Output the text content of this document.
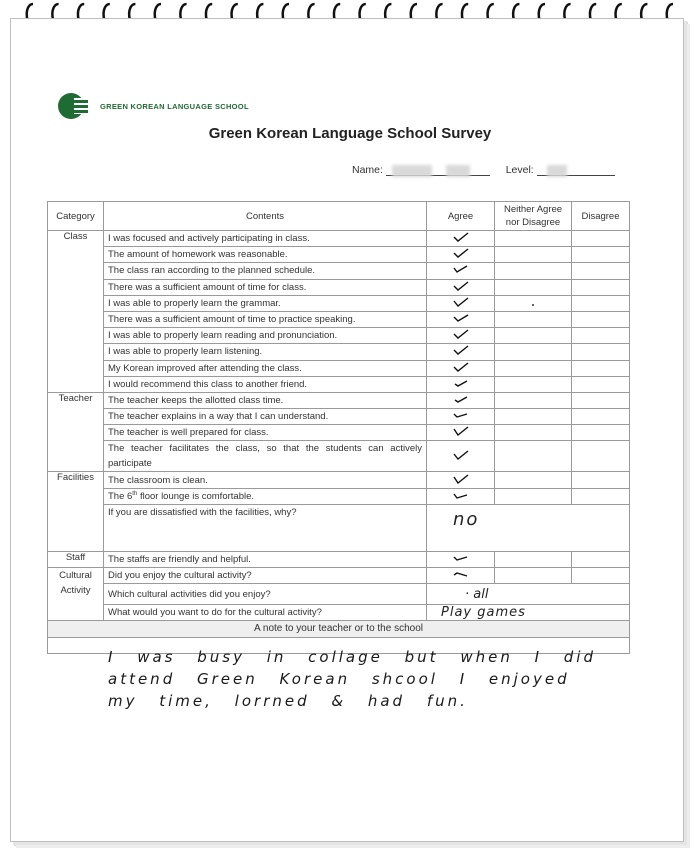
GREEN KOREAN LANGUAGE SCHOOL
Green Korean Language School Survey
Name:	Level:
Category	Contents	Agree	Neither Agree nor Disagree	Disagree
Class	I was focused and actively participating in class.			
	The amount of homework was reasonable.			
	The class ran according to the planned schedule.			
	There was a sufficient amount of time for class.			
	I was able to properly learn the grammar.			
	There was a sufficient amount of time to practice speaking.			
	I was able to properly learn reading and pronunciation.			
	I was able to properly learn listening.			
	My Korean improved after attending the class.			
	I would recommend this class to another friend.			
Teacher	The teacher keeps the allotted class time.			
	The teacher explains in a way that I can understand.			
	The teacher is well prepared for class.			
	The teacher facilitates the class, so that the students can actively participate			
Facilities	The classroom is clean.			
	The 6th floor lounge is comfortable.			
	If you are dissatisfied with the facilities, why?	no		
Staff	The staffs are friendly and helpful.			
Cultural Activity	Did you enjoy the cultural activity?			
	Which cultural activities did you enjoy?	· all		
	What would you want to do for the cultural activity?	Play games		
A note to your teacher or to the school				

I was busy in collage but when I did attend Green Korean shcool I enjoyed my time, lorrned & had fun.				
